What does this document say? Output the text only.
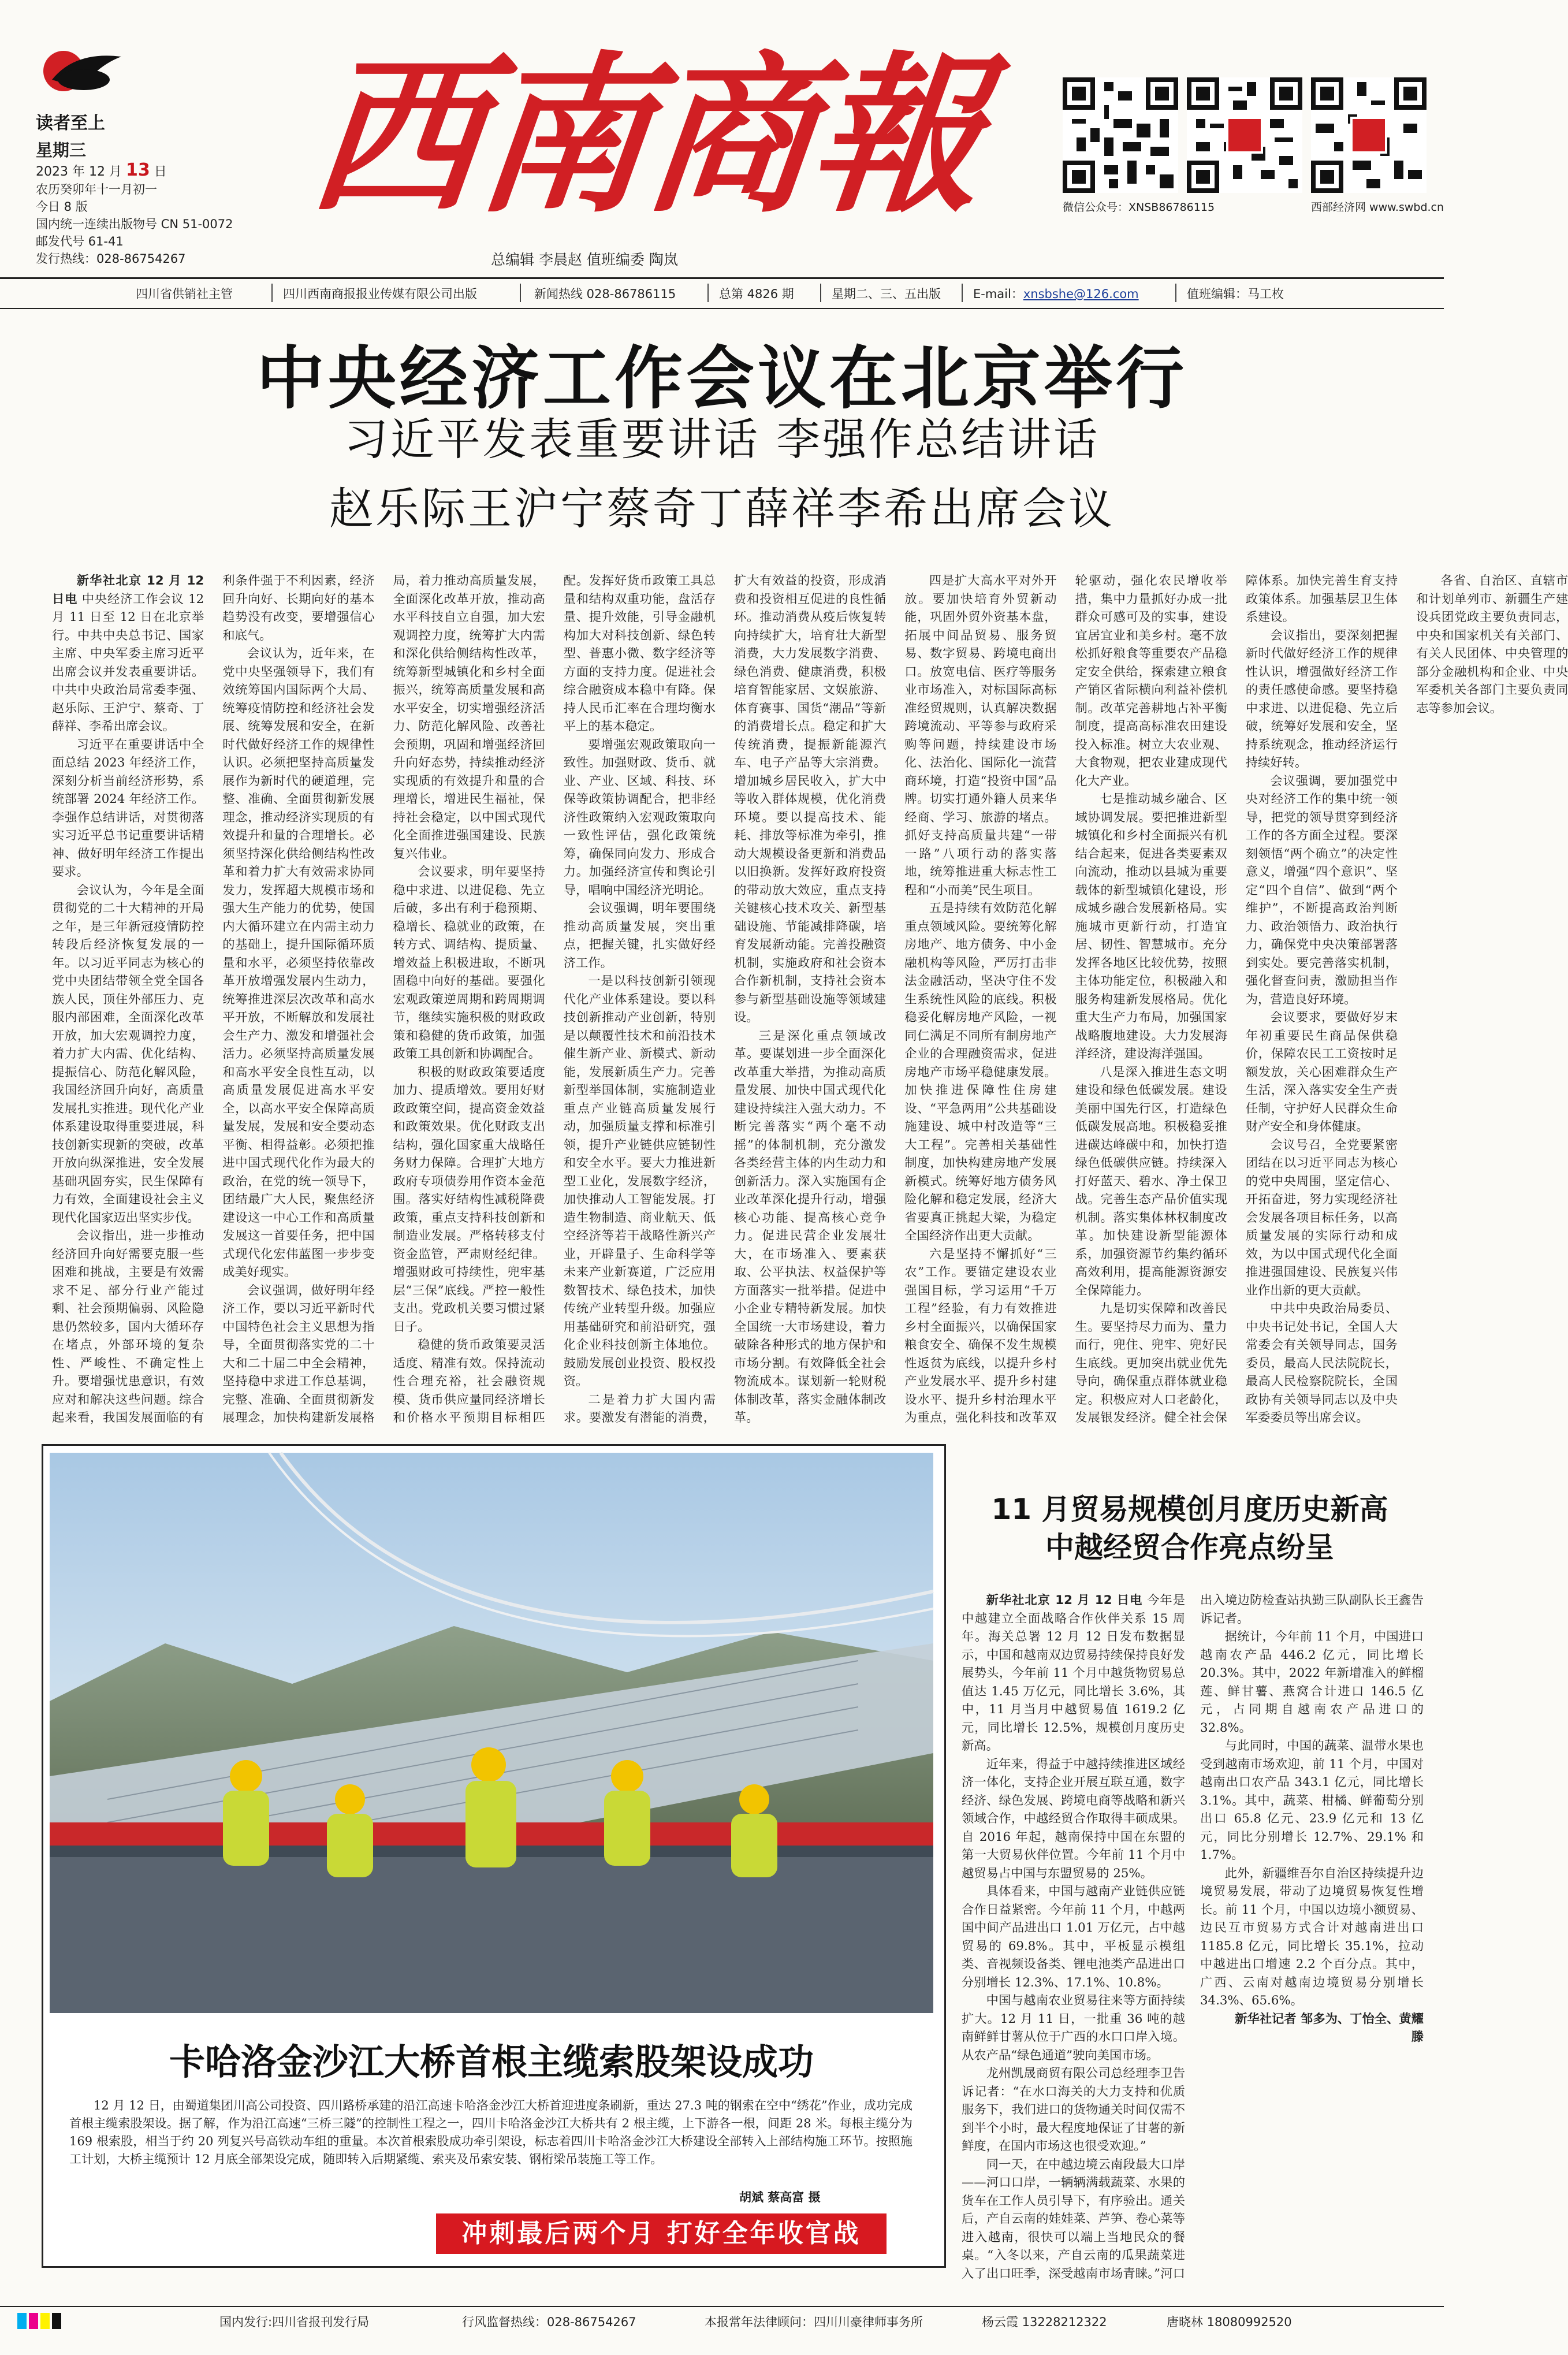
读者至上
星期三
2023 年 12 月 13 日
农历癸卯年十一月初一
今日 8 版
国内统一连续出版物号 CN 51-0072
邮发代号 61-41
发行热线：028-86754267
西南商報
总编辑 李晨赵 值班编委 陶岚
微信公众号：XNSB86786115	西部经济网 www.swbd.cn
四川省供销社主管	四川西南商报报业传媒有限公司出版	新闻热线 028-86786115	总第 4826 期	星期二、三、五出版	E-mail：xnsbshe@126.com	值班编辑：马工枚
中央经济工作会议在北京举行
习近平发表重要讲话 李强作总结讲话
赵乐际王沪宁蔡奇丁薛祥李希出席会议

新华社北京 12 月 12 日电 中央经济工作会议 12 月 11 日至 12 日在北京举行。中共中央总书记、国家主席、中央军委主席习近平出席会议并发表重要讲话。中共中央政治局常委李强、赵乐际、王沪宁、蔡奇、丁薛祥、李希出席会议。

习近平在重要讲话中全面总结 2023 年经济工作，深刻分析当前经济形势，系统部署 2024 年经济工作。李强作总结讲话，对贯彻落实习近平总书记重要讲话精神、做好明年经济工作提出要求。

会议认为，今年是全面贯彻党的二十大精神的开局之年，是三年新冠疫情防控转段后经济恢复发展的一年。以习近平同志为核心的党中央团结带领全党全国各族人民，顶住外部压力、克服内部困难，全面深化改革开放，加大宏观调控力度，着力扩大内需、优化结构、提振信心、防范化解风险，我国经济回升向好，高质量发展扎实推进。现代化产业体系建设取得重要进展，科技创新实现新的突破，改革开放向纵深推进，安全发展基础巩固夯实，民生保障有力有效，全面建设社会主义现代化国家迈出坚实步伐。

会议指出，进一步推动经济回升向好需要克服一些困难和挑战，主要是有效需求不足、部分行业产能过剩、社会预期偏弱、风险隐患仍然较多，国内大循环存在堵点，外部环境的复杂性、严峻性、不确定性上升。要增强忧患意识，有效应对和解决这些问题。综合起来看，我国发展面临的有利条件强于不利因素，经济回升向好、长期向好的基本趋势没有改变，要增强信心和底气。

会议认为，近年来，在党中央坚强领导下，我们有效统筹国内国际两个大局、统筹疫情防控和经济社会发展、统筹发展和安全，在新时代做好经济工作的规律性认识。必须把坚持高质量发展作为新时代的硬道理，完整、准确、全面贯彻新发展理念，推动经济实现质的有效提升和量的合理增长。必须坚持深化供给侧结构性改革和着力扩大有效需求协同发力，发挥超大规模市场和强大生产能力的优势，使国内大循环建立在内需主动力的基础上，提升国际循环质量和水平，必须坚持依靠改革开放增强发展内生动力，统筹推进深层次改革和高水平开放，不断解放和发展社会生产力、激发和增强社会活力。必须坚持高质量发展和高水平安全良性互动，以高质量发展促进高水平安全，以高水平安全保障高质量发展，发展和安全要动态平衡、相得益彰。必须把推进中国式现代化作为最大的政治，在党的统一领导下，团结最广大人民，聚焦经济建设这一中心工作和高质量发展这一首要任务，把中国式现代化宏伟蓝图一步步变成美好现实。

会议强调，做好明年经济工作，要以习近平新时代中国特色社会主义思想为指导，全面贯彻落实党的二十大和二十届二中全会精神，坚持稳中求进工作总基调，完整、准确、全面贯彻新发展理念，加快构建新发展格局，着力推动高质量发展，全面深化改革开放，推动高水平科技自立自强，加大宏观调控力度，统筹扩大内需和深化供给侧结构性改革，统筹新型城镇化和乡村全面振兴，统筹高质量发展和高水平安全，切实增强经济活力、防范化解风险、改善社会预期，巩固和增强经济回升向好态势，持续推动经济实现质的有效提升和量的合理增长，增进民生福祉，保持社会稳定，以中国式现代化全面推进强国建设、民族复兴伟业。

会议要求，明年要坚持稳中求进、以进促稳、先立后破，多出有利于稳预期、稳增长、稳就业的政策，在转方式、调结构、提质量、增效益上积极进取，不断巩固稳中向好的基础。要强化宏观政策逆周期和跨周期调节，继续实施积极的财政政策和稳健的货币政策，加强政策工具创新和协调配合。

积极的财政政策要适度加力、提质增效。要用好财政政策空间，提高资金效益和政策效果。优化财政支出结构，强化国家重大战略任务财力保障。合理扩大地方政府专项债券用作资本金范围。落实好结构性减税降费政策，重点支持科技创新和制造业发展。严格转移支付资金监管，严肃财经纪律。增强财政可持续性，兜牢基层“三保”底线。严控一般性支出。党政机关要习惯过紧日子。

稳健的货币政策要灵活适度、精准有效。保持流动性合理充裕，社会融资规模、货币供应量同经济增长和价格水平预期目标相匹配。发挥好货币政策工具总量和结构双重功能，盘活存量、提升效能，引导金融机构加大对科技创新、绿色转型、普惠小微、数字经济等方面的支持力度。促进社会综合融资成本稳中有降。保持人民币汇率在合理均衡水平上的基本稳定。

要增强宏观政策取向一致性。加强财政、货币、就业、产业、区域、科技、环保等政策协调配合，把非经济性政策纳入宏观政策取向一致性评估，强化政策统筹，确保同向发力、形成合力。加强经济宣传和舆论引导，唱响中国经济光明论。

会议强调，明年要围绕推动高质量发展，突出重点，把握关键，扎实做好经济工作。

一是以科技创新引领现代化产业体系建设。要以科技创新推动产业创新，特别是以颠覆性技术和前沿技术催生新产业、新模式、新动能，发展新质生产力。完善新型举国体制，实施制造业重点产业链高质量发展行动，加强质量支撑和标准引领，提升产业链供应链韧性和安全水平。要大力推进新型工业化，发展数字经济，加快推动人工智能发展。打造生物制造、商业航天、低空经济等若干战略性新兴产业，开辟量子、生命科学等未来产业新赛道，广泛应用数智技术、绿色技术，加快传统产业转型升级。加强应用基础研究和前沿研究，强化企业科技创新主体地位。鼓励发展创业投资、股权投资。

二是着力扩大国内需求。要激发有潜能的消费，扩大有效益的投资，形成消费和投资相互促进的良性循环。推动消费从疫后恢复转向持续扩大，培育壮大新型消费，大力发展数字消费、绿色消费、健康消费，积极培育智能家居、文娱旅游、体育赛事、国货“潮品”等新的消费增长点。稳定和扩大传统消费，提振新能源汽车、电子产品等大宗消费。增加城乡居民收入，扩大中等收入群体规模，优化消费环境。要以提高技术、能耗、排放等标准为牵引，推动大规模设备更新和消费品以旧换新。发挥好政府投资的带动放大效应，重点支持关键核心技术攻关、新型基础设施、节能减排降碳，培育发展新动能。完善投融资机制，实施政府和社会资本合作新机制，支持社会资本参与新型基础设施等领域建设。

三是深化重点领域改革。要谋划进一步全面深化改革重大举措，为推动高质量发展、加快中国式现代化建设持续注入强大动力。不断完善落实“两个毫不动摇”的体制机制，充分激发各类经营主体的内生动力和创新活力。深入实施国有企业改革深化提升行动，增强核心功能、提高核心竞争力。促进民营企业发展壮大，在市场准入、要素获取、公平执法、权益保护等方面落实一批举措。促进中小企业专精特新发展。加快全国统一大市场建设，着力破除各种形式的地方保护和市场分割。有效降低全社会物流成本。谋划新一轮财税体制改革，落实金融体制改革。

四是扩大高水平对外开放。要加快培育外贸新动能，巩固外贸外资基本盘，拓展中间品贸易、服务贸易、数字贸易、跨境电商出口。放宽电信、医疗等服务业市场准入，对标国际高标准经贸规则，认真解决数据跨境流动、平等参与政府采购等问题，持续建设市场化、法治化、国际化一流营商环境，打造“投资中国”品牌。切实打通外籍人员来华经商、学习、旅游的堵点。抓好支持高质量共建“一带一路”八项行动的落实落地，统筹推进重大标志性工程和“小而美”民生项目。

五是持续有效防范化解重点领域风险。要统筹化解房地产、地方债务、中小金融机构等风险，严厉打击非法金融活动，坚决守住不发生系统性风险的底线。积极稳妥化解房地产风险，一视同仁满足不同所有制房地产企业的合理融资需求，促进房地产市场平稳健康发展。加快推进保障性住房建设、“平急两用”公共基础设施建设、城中村改造等“三大工程”。完善相关基础性制度，加快构建房地产发展新模式。统筹好地方债务风险化解和稳定发展，经济大省要真正挑起大梁，为稳定全国经济作出更大贡献。

六是坚持不懈抓好“三农”工作。要锚定建设农业强国目标，学习运用“千万工程”经验，有力有效推进乡村全面振兴，以确保国家粮食安全、确保不发生规模性返贫为底线，以提升乡村产业发展水平、提升乡村建设水平、提升乡村治理水平为重点，强化科技和改革双轮驱动，强化农民增收举措，集中力量抓好办成一批群众可感可及的实事，建设宜居宜业和美乡村。毫不放松抓好粮食等重要农产品稳定安全供给，探索建立粮食产销区省际横向利益补偿机制。改革完善耕地占补平衡制度，提高高标准农田建设投入标准。树立大农业观、大食物观，把农业建成现代化大产业。

七是推动城乡融合、区域协调发展。要把推进新型城镇化和乡村全面振兴有机结合起来，促进各类要素双向流动，推动以县城为重要载体的新型城镇化建设，形成城乡融合发展新格局。实施城市更新行动，打造宜居、韧性、智慧城市。充分发挥各地区比较优势，按照主体功能定位，积极融入和服务构建新发展格局。优化重大生产力布局，加强国家战略腹地建设。大力发展海洋经济，建设海洋强国。

八是深入推进生态文明建设和绿色低碳发展。建设美丽中国先行区，打造绿色低碳发展高地。积极稳妥推进碳达峰碳中和，加快打造绿色低碳供应链。持续深入打好蓝天、碧水、净土保卫战。完善生态产品价值实现机制。落实集体林权制度改革。加快建设新型能源体系，加强资源节约集约循环高效利用，提高能源资源安全保障能力。

九是切实保障和改善民生。要坚持尽力而为、量力而行，兜住、兜牢、兜好民生底线。更加突出就业优先导向，确保重点群体就业稳定。积极应对人口老龄化，发展银发经济。健全社会保障体系。加快完善生育支持政策体系。加强基层卫生体系建设。

会议指出，要深刻把握新时代做好经济工作的规律性认识，增强做好经济工作的责任感使命感。要坚持稳中求进、以进促稳、先立后破，统筹好发展和安全，坚持系统观念，推动经济运行持续好转。

会议强调，要加强党中央对经济工作的集中统一领导，把党的领导贯穿到经济工作的各方面全过程。要深刻领悟“两个确立”的决定性意义，增强“四个意识”、坚定“四个自信”、做到“两个维护”，不断提高政治判断力、政治领悟力、政治执行力，确保党中央决策部署落到实处。要完善落实机制，强化督查问责，激励担当作为，营造良好环境。

会议要求，要做好岁末年初重要民生商品保供稳价，保障农民工工资按时足额发放，关心困难群众生产生活，深入落实安全生产责任制，守护好人民群众生命财产安全和身体健康。

会议号召，全党要紧密团结在以习近平同志为核心的党中央周围，坚定信心、开拓奋进，努力实现经济社会发展各项目标任务，以高质量发展的实际行动和成效，为以中国式现代化全面推进强国建设、民族复兴伟业作出新的更大贡献。

中共中央政治局委员、中央书记处书记，全国人大常委会有关领导同志，国务委员，最高人民法院院长，最高人民检察院院长，全国政协有关领导同志以及中央军委委员等出席会议。

各省、自治区、直辖市和计划单列市、新疆生产建设兵团党政主要负责同志，中央和国家机关有关部门、有关人民团体、中央管理的部分金融机构和企业、中央军委机关各部门主要负责同志等参加会议。

卡哈洛金沙江大桥首根主缆索股架设成功

12 月 12 日，由蜀道集团川高公司投资、四川路桥承建的沿江高速卡哈洛金沙江大桥首迎进度条刷新，重达 27.3 吨的钢索在空中“绣花”作业，成功完成首根主缆索股架设。据了解，作为沿江高速“三桥三隧”的控制性工程之一，四川卡哈洛金沙江大桥共有 2 根主缆，上下游各一根，间距 28 米。每根主缆分为 169 根索股，相当于约 20 列复兴号高铁动车组的重量。本次首根索股成功牵引架设，标志着四川卡哈洛金沙江大桥建设全部转入上部结构施工环节。按照施工计划，大桥主缆预计 12 月底全部架设完成，随即转入后期紧缆、索夹及吊索安装、钢桁梁吊装施工等工作。

胡斌 蔡高富 摄
冲刺最后两个月 打好全年收官战
11 月贸易规模创月度历史新高
中越经贸合作亮点纷呈

新华社北京 12 月 12 日电 今年是中越建立全面战略合作伙伴关系 15 周年。海关总署 12 月 12 日发布数据显示，中国和越南双边贸易持续保持良好发展势头，今年前 11 个月中越货物贸易总值达 1.45 万亿元，同比增长 3.6%，其中，11 月当月中越贸易值 1619.2 亿元，同比增长 12.5%，规模创月度历史新高。

近年来，得益于中越持续推进区域经济一体化，支持企业开展互联互通，数字经济、绿色发展、跨境电商等战略和新兴领域合作，中越经贸合作取得丰硕成果。自 2016 年起，越南保持中国在东盟的第一大贸易伙伴位置。今年前 11 个月中越贸易占中国与东盟贸易的 25%。

具体看来，中国与越南产业链供应链合作日益紧密。今年前 11 个月，中越两国中间产品进出口 1.01 万亿元，占中越贸易的 69.8%。其中，平板显示模组类、音视频设备类、锂电池类产品进出口分别增长 12.3%、17.1%、10.8%。

中国与越南农业贸易往来等方面持续扩大。12 月 11 日，一批重 36 吨的越南鲜鲜甘薯从位于广西的水口口岸入境。从农产品“绿色通道”驶向美国市场。

龙州凯晟商贸有限公司总经理李卫告诉记者：“在水口海关的大力支持和优质服务下，我们进口的货物通关时间仅需不到半个小时，最大程度地保证了甘薯的新鲜度，在国内市场这也很受欢迎。”

同一天，在中越边境云南段最大口岸——河口口岸，一辆辆满载蔬菜、水果的货车在工作人员引导下，有序验出。通关后，产自云南的娃娃菜、芦笋、卷心菜等进入越南，很快可以端上当地民众的餐桌。“入冬以来，产自云南的瓜果蔬菜进入了出口旺季，深受越南市场青睐。”河口出入境边防检查站执勤三队副队长王鑫告诉记者。

据统计，今年前 11 个月，中国进口越南农产品 446.2 亿元，同比增长 20.3%。其中，2022 年新增准入的鲜榴莲、鲜甘薯、燕窝合计进口 146.5 亿元，占同期自越南农产品进口的 32.8%。

与此同时，中国的蔬菜、温带水果也受到越南市场欢迎，前 11 个月，中国对越南出口农产品 343.1 亿元，同比增长 3.1%。其中，蔬菜、柑橘、鲜葡萄分别出口 65.8 亿元、23.9 亿元和 13 亿元，同比分别增长 12.7%、29.1% 和 1.7%。

此外，新疆维吾尔自治区持续提升边境贸易发展，带动了边境贸易恢复性增长。前 11 个月，中国以边境小额贸易、边民互市贸易方式合计对越南进出口 1185.8 亿元，同比增长 35.1%，拉动中越进出口增速 2.2 个百分点。其中，广西、云南对越南边境贸易分别增长 34.3%、65.6%。

新华社记者 邹多为、丁怡全、黄耀滕

国内发行:四川省报刊发行局	行风监督热线：028-86754267	本报常年法律顾问：四川川豪律师事务所	杨云霞 13228212322	唐晓林 18080992520
